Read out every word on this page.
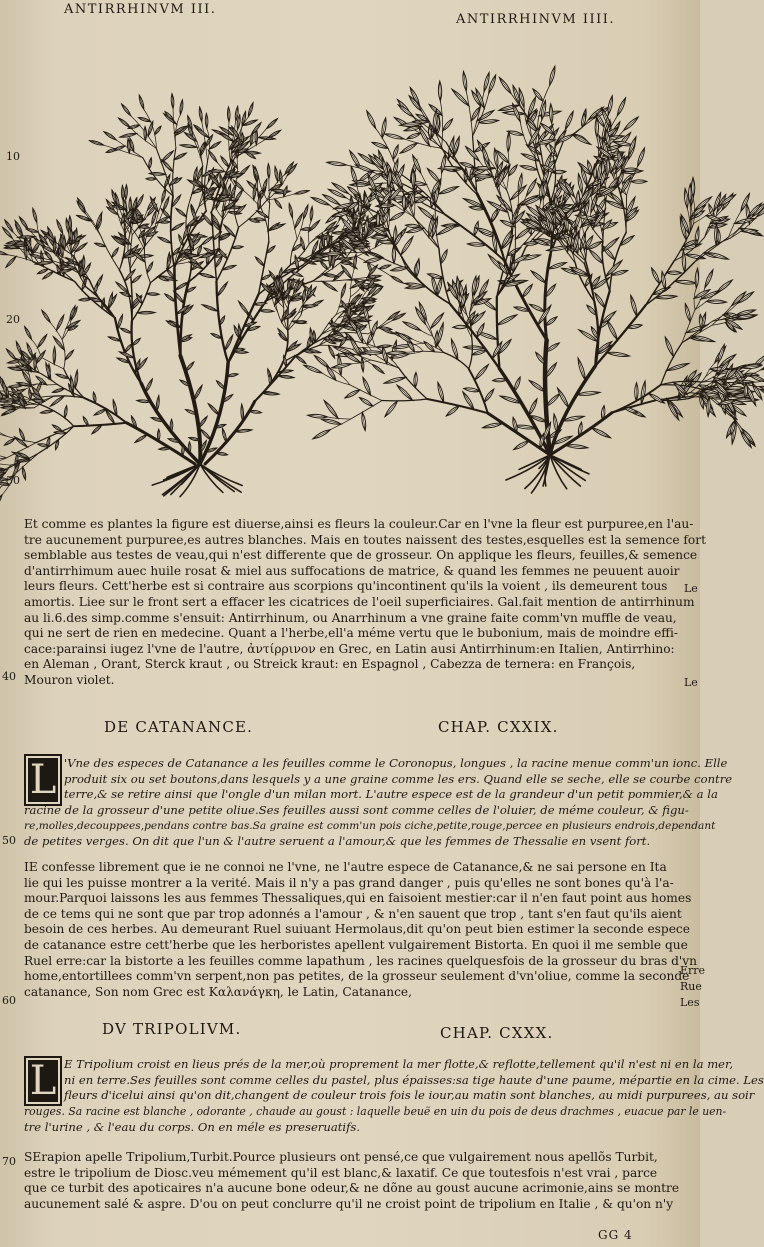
ANTIRRHINVM III.
ANTIRRHINVM IIII.
10
20
30
40
50
60
70
Le
Le
Erre
Rue
Les
Et comme es plantes la figure est diuerse,ainsi es fleurs la couleur.Car en l'vne la fleur est purpuree,en l'au-
tre aucunement purpuree,es autres blanches. Mais en toutes naissent des testes,esquelles est la semence fort
semblable aus testes de veau,qui n'est differente que de grosseur. On applique les fleurs, feuilles,& semence
d'antirrhimum auec huile rosat & miel aus suffocations de matrice, & quand les femmes ne peuuent auoir
leurs fleurs. Cett'herbe est si contraire aus scorpions qu'incontinent qu'ils la voient , ils demeurent tous
amortis. Liee sur le front sert a effacer les cicatrices de l'oeil superficiaires. Gal.fait mention de antirrhinum
au li.6.des simp.comme s'ensuit: Antirrhinum, ou Anarrhinum a vne graine faite comm'vn muffle de veau,
qui ne sert de rien en medecine. Quant a l'herbe,ell'a méme vertu que le bubonium, mais de moindre effi-
cace:parainsi iugez l'vne de l'autre, ἀντίρρινον en Grec, en Latin ausi Antirrhinum:en Italien, Antirrhino:
en Aleman , Orant, Sterck kraut , ou Streick kraut: en Espagnol , Cabezza de ternera: en François,
Mouron violet.
DE CATANANCE.	CHAP. CXXIX.
L 'Vne des especes de Catanance a les feuilles comme le Coronopus, longues , la racine menue comm'un ionc. Elle
produit six ou set boutons,dans lesquels y a une graine comme les ers. Quand elle se seche, elle se courbe contre
terre,& se retire ainsi que l'ongle d'un milan mort. L'autre espece est de la grandeur d'un petit pommier,& a la
racine de la grosseur d'une petite oliue.Ses feuilles aussi sont comme celles de l'oluier, de méme couleur, & figu-
re,molles,decouppees,pendans contre bas.Sa graine est comm'un pois ciche,petite,rouge,percee en plusieurs endrois,dependant
de petites verges. On dit que l'un & l'autre seruent a l'amour,& que les femmes de Thessalie en vsent fort.
IE confesse librement que ie ne connoi ne l'vne, ne l'autre espece de Catanance,& ne sai persone en Ita
lie qui les puisse montrer a la verité. Mais il n'y a pas grand danger , puis qu'elles ne sont bones qu'à l'a-
mour.Parquoi laissons les aus femmes Thessaliques,qui en faisoient mestier:car il n'en faut point aus homes
de ce tems qui ne sont que par trop adonnés a l'amour , & n'en sauent que trop , tant s'en faut qu'ils aient
besoin de ces herbes. Au demeurant Ruel suiuant Hermolaus,dit qu'on peut bien estimer la seconde espece
de catanance estre cett'herbe que les herboristes apellent vulgairement Bistorta. En quoi il me semble que
Ruel erre:car la bistorte a les feuilles comme lapathum , les racines quelquesfois de la grosseur du bras d'vn
home,entortillees comm'vn serpent,non pas petites, de la grosseur seulement d'vn'oliue, comme la seconde
catanance, Son nom Grec est Καλανάγκη, le Latin, Catanance,
DV TRIPOLIVM.	CHAP. CXXX.
L E Tripolium croist en lieus prés de la mer,où proprement la mer flotte,& reflotte,tellement qu'il n'est ni en la mer,
ni en terre.Ses feuilles sont comme celles du pastel, plus épaisses:sa tige haute d'une paume, mépartie en la cime. Les
fleurs d'icelui ainsi qu'on dit,changent de couleur trois fois le iour,au matin sont blanches, au midi purpurees, au soir
rouges. Sa racine est blanche , odorante , chaude au goust : laquelle beuë en uin du pois de deus drachmes , euacue par le uen-
tre l'urine , & l'eau du corps. On en méle es preseruatifs.
SErapion apelle Tripolium,Turbit.Pource plusieurs ont pensé,ce que vulgairement nous apellõs Turbit,
estre le tripolium de Diosc.veu mémement qu'il est blanc,& laxatif. Ce que toutesfois n'est vrai , parce
que ce turbit des apoticaires n'a aucune bone odeur,& ne dõne au goust aucune acrimonie,ains se montre
aucunement salé & aspre. D'ou on peut conclurre qu'il ne croist point de tripolium en Italie , & qu'on n'y
GG 4
